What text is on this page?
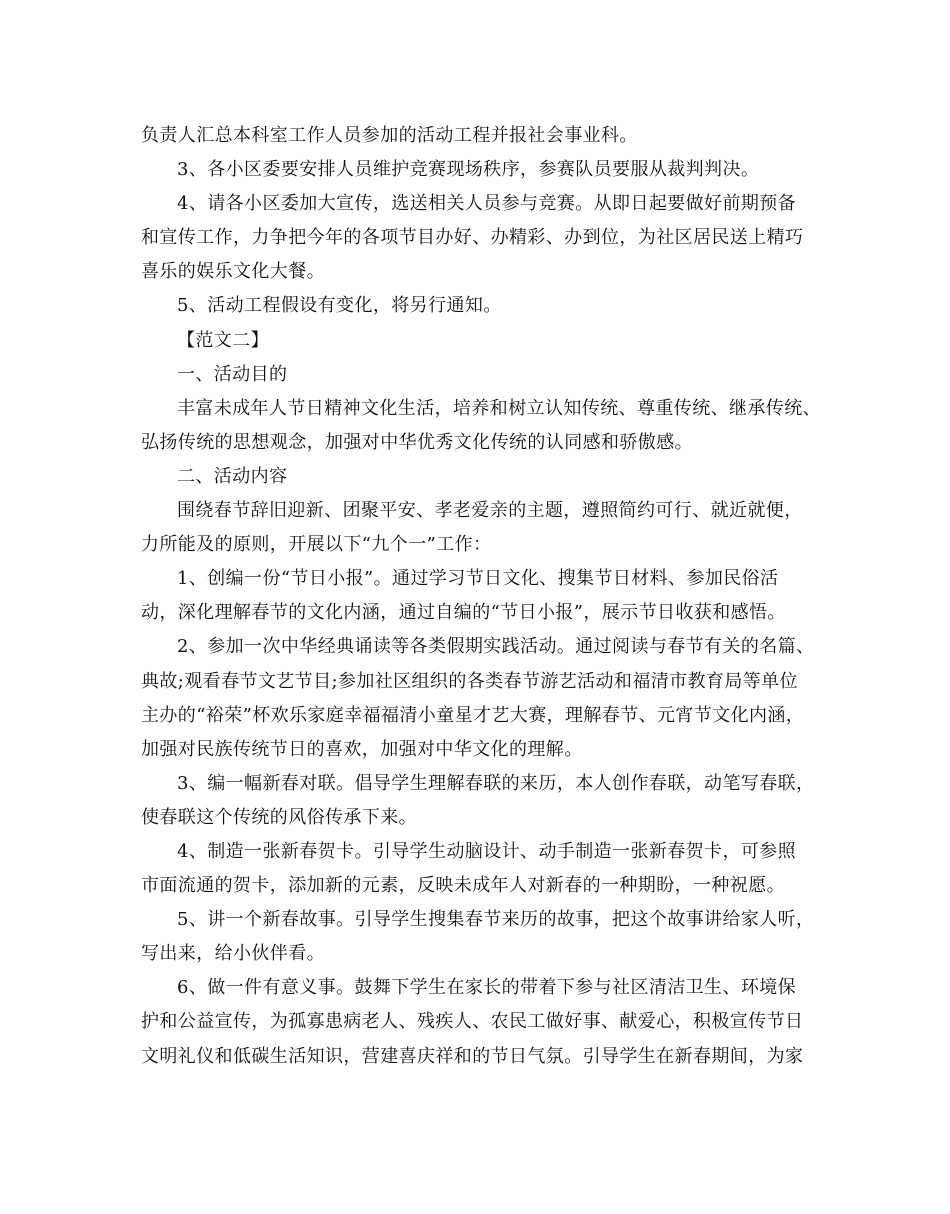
负责人汇总本科室工作人员参加的活动工程并报社会事业科。
3、各小区委要安排人员维护竞赛现场秩序，参赛队员要服从裁判判决。
4、请各小区委加大宣传，选送相关人员参与竞赛。从即日起要做好前期预备
和宣传工作，力争把今年的各项节目办好、办精彩、办到位，为社区居民送上精巧
喜乐的娱乐文化大餐。
5、活动工程假设有变化，将另行通知。
【范文二】
一、活动目的
丰富未成年人节日精神文化生活，培养和树立认知传统、尊重传统、继承传统、
弘扬传统的思想观念，加强对中华优秀文化传统的认同感和骄傲感。
二、活动内容
围绕春节辞旧迎新、团聚平安、孝老爱亲的主题，遵照简约可行、就近就便，
力所能及的原则，开展以下“九个一”工作：
1、创编一份“节日小报”。通过学习节日文化、搜集节日材料、参加民俗活
动，深化理解春节的文化内涵，通过自编的“节日小报”，展示节日收获和感悟。
2、参加一次中华经典诵读等各类假期实践活动。通过阅读与春节有关的名篇、
典故;观看春节文艺节目;参加社区组织的各类春节游艺活动和福清市教育局等单位
主办的“裕荣”杯欢乐家庭幸福福清小童星才艺大赛，理解春节、元宵节文化内涵，
加强对民族传统节日的喜欢，加强对中华文化的理解。
3、编一幅新春对联。倡导学生理解春联的来历，本人创作春联，动笔写春联，
使春联这个传统的风俗传承下来。
4、制造一张新春贺卡。引导学生动脑设计、动手制造一张新春贺卡，可参照
市面流通的贺卡，添加新的元素，反映未成年人对新春的一种期盼，一种祝愿。
5、讲一个新春故事。引导学生搜集春节来历的故事，把这个故事讲给家人听，
写出来，给小伙伴看。
6、做一件有意义事。鼓舞下学生在家长的带着下参与社区清洁卫生、环境保
护和公益宣传，为孤寡患病老人、残疾人、农民工做好事、献爱心，积极宣传节日
文明礼仪和低碳生活知识，营建喜庆祥和的节日气氛。引导学生在新春期间，为家
